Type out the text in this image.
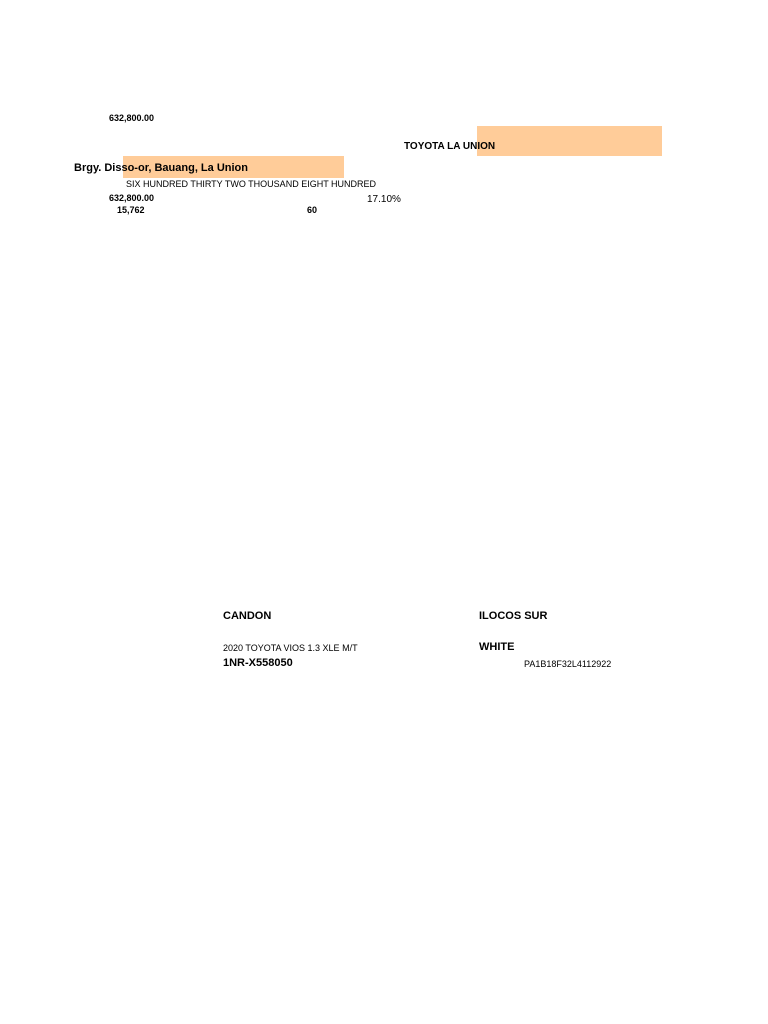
632,800.00
TOYOTA LA UNION
Brgy. Disso-or, Bauang, La Union
SIX HUNDRED THIRTY TWO THOUSAND EIGHT HUNDRED
632,800.00	17.10%
15,762	60
CANDON	ILOCOS SUR
2020 TOYOTA VIOS 1.3 XLE M/T	WHITE
1NR-X558050	PA1B18F32L4112922
